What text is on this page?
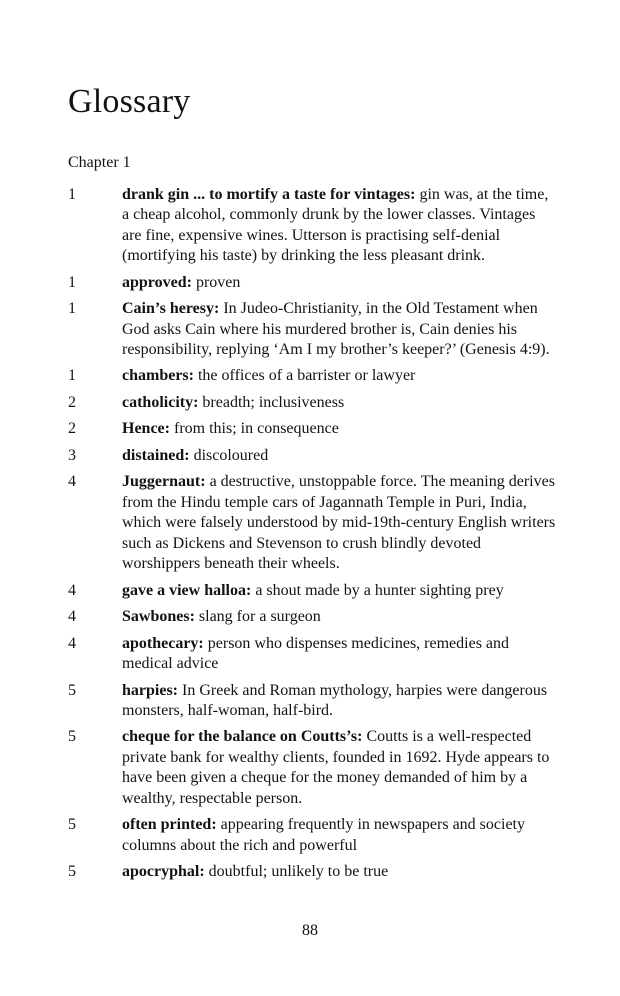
Glossary
Chapter 1
1	drank gin ... to mortify a taste for vintages: gin was, at the time, a cheap alcohol, commonly drunk by the lower classes. Vintages are fine, expensive wines. Utterson is practising self-denial (mortifying his taste) by drinking the less pleasant drink.
1	approved: proven
1	Cain’s heresy: In Judeo-Christianity, in the Old Testament when God asks Cain where his murdered brother is, Cain denies his responsibility, replying ‘Am I my brother’s keeper?’ (Genesis 4:9).
1	chambers: the offices of a barrister or lawyer
2	catholicity: breadth; inclusiveness
2	Hence: from this; in consequence
3	distained: discoloured
4	Juggernaut: a destructive, unstoppable force. The meaning derives from the Hindu temple cars of Jagannath Temple in Puri, India, which were falsely understood by mid-19th-century English writers such as Dickens and Stevenson to crush blindly devoted worshippers beneath their wheels.
4	gave a view halloa: a shout made by a hunter sighting prey
4	Sawbones: slang for a surgeon
4	apothecary: person who dispenses medicines, remedies and medical advice
5	harpies: In Greek and Roman mythology, harpies were dangerous monsters, half-woman, half-bird.
5	cheque for the balance on Coutts’s: Coutts is a well-respected private bank for wealthy clients, founded in 1692. Hyde appears to have been given a cheque for the money demanded of him by a wealthy, respectable person.
5	often printed: appearing frequently in newspapers and society columns about the rich and powerful
5	apocryphal: doubtful; unlikely to be true
88
